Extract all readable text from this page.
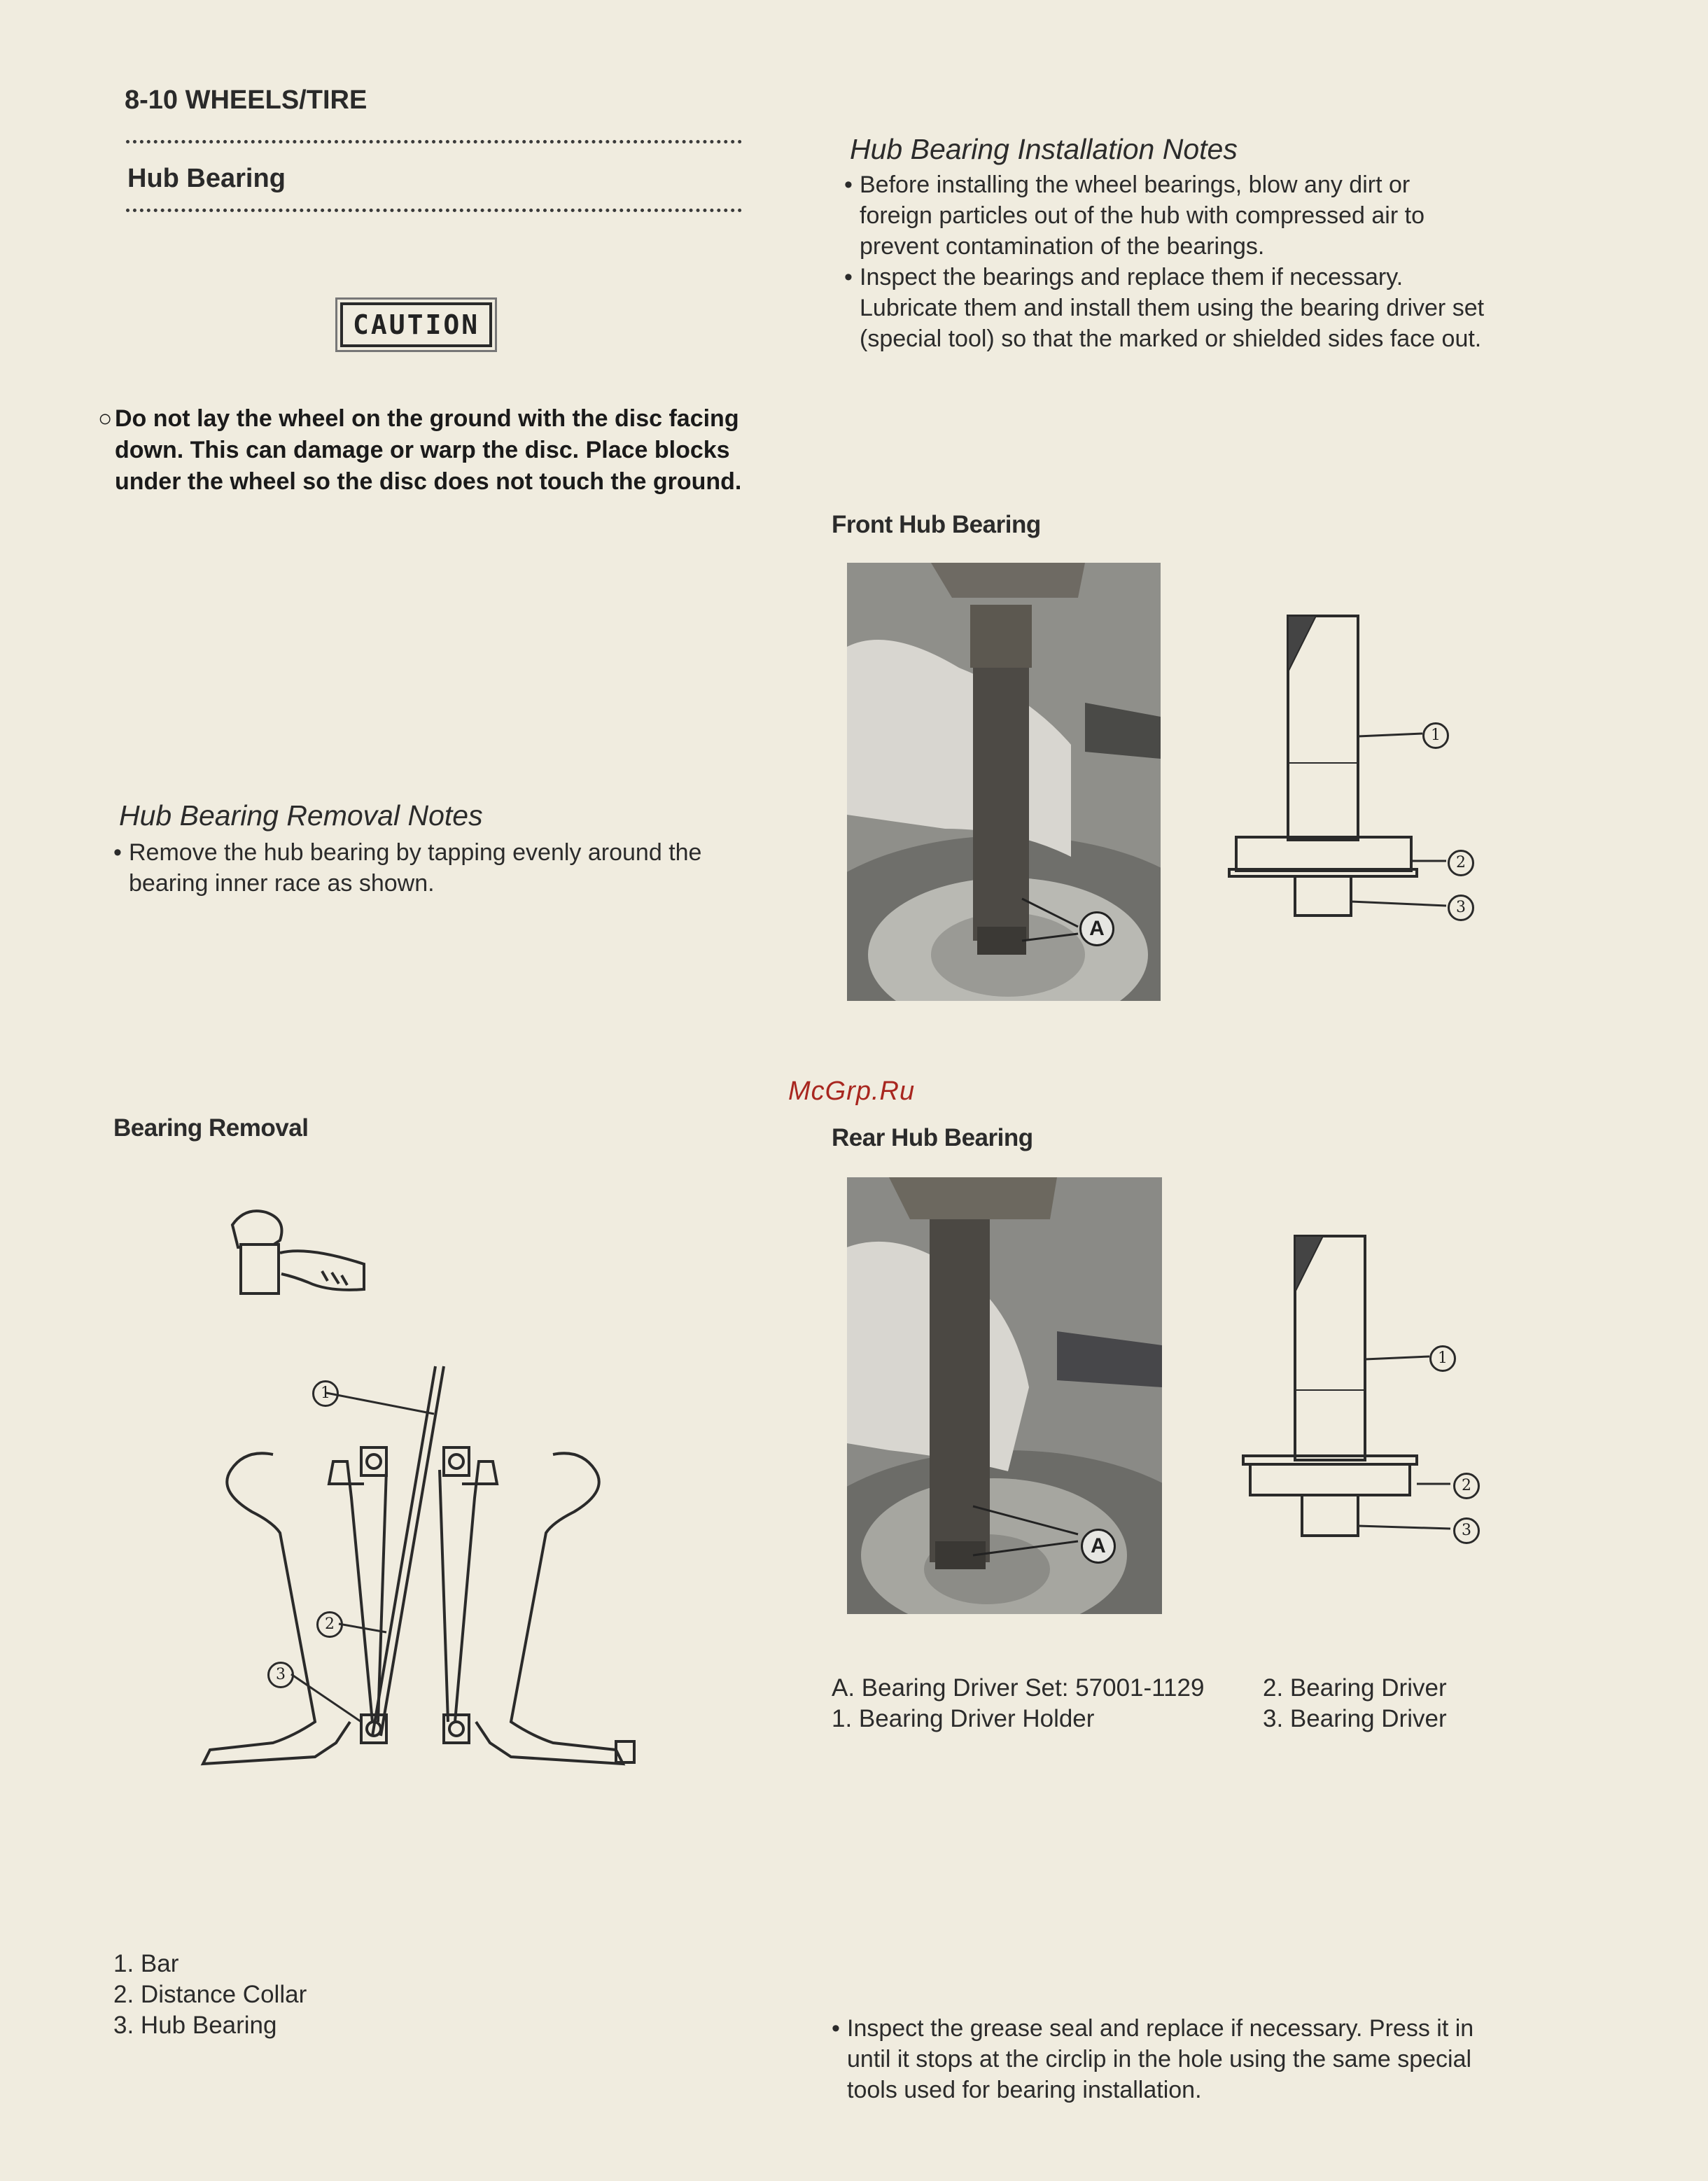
8-10 WHEELS/TIRE
Hub Bearing
CAUTION
○ Do not lay the wheel on the ground with the disc facing down. This can damage or warp the disc. Place blocks under the wheel so the disc does not touch the ground.
Hub Bearing Removal Notes
• Remove the hub bearing by tapping evenly around the bearing inner race as shown.
Bearing Removal
1
2
3
1. Bar
2. Distance Collar
3. Hub Bearing
Hub Bearing Installation Notes
• Before installing the wheel bearings, blow any dirt or foreign particles out of the hub with compressed air to prevent contamination of the bearings.
• Inspect the bearings and replace them if necessary. Lubricate them and install them using the bearing driver set (special tool) so that the marked or shielded sides face out.
Front Hub Bearing
A
1
2
3
McGrp.Ru
Rear Hub Bearing
A
1
2
3
A. Bearing Driver Set: 57001-1129
1. Bearing Driver Holder
2. Bearing Driver
3. Bearing Driver
• Inspect the grease seal and replace if necessary. Press it in until it stops at the circlip in the hole using the same special tools used for bearing installation.
